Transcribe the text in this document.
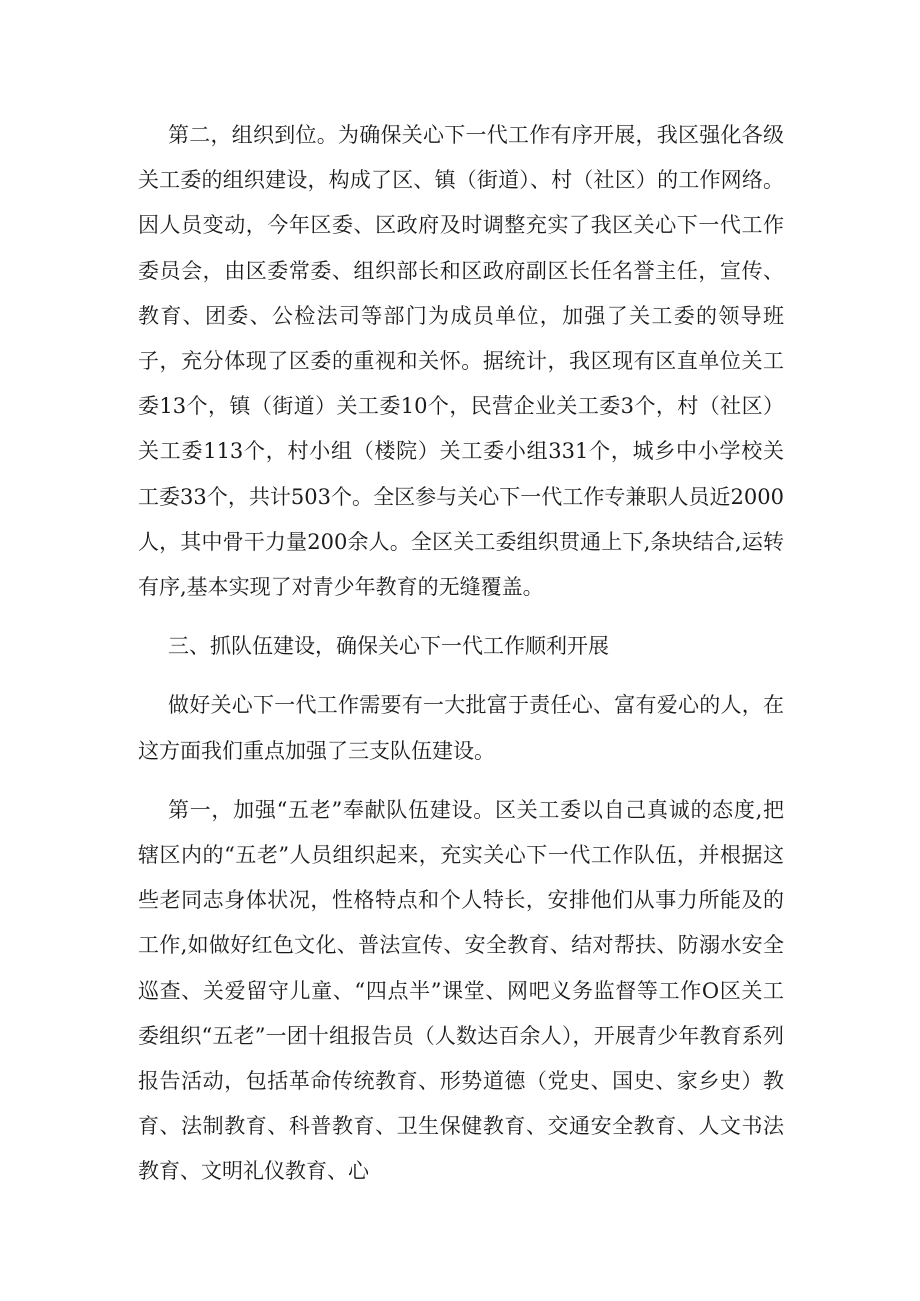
第二，组织到位。为确保关心下一代工作有序开展，我区强化各级关工委的组织建设，构成了区、镇（街道）、村（社区）的工作网络。因人员变动，今年区委、区政府及时调整充实了我区关心下一代工作委员会，由区委常委、组织部长和区政府副区长任名誉主任，宣传、教育、团委、公检法司等部门为成员单位，加强了关工委的领导班子，充分体现了区委的重视和关怀。据统计，我区现有区直单位关工委13个，镇（街道）关工委10个，民营企业关工委3个，村（社区）关工委113个，村小组（楼院）关工委小组331个，城乡中小学校关工委33个，共计503个。全区参与关心下一代工作专兼职人员近2000人，其中骨干力量200余人。全区关工委组织贯通上下,条块结合,运转有序,基本实现了对青少年教育的无缝覆盖。

三、抓队伍建设，确保关心下一代工作顺利开展

做好关心下一代工作需要有一大批富于责任心、富有爱心的人，在这方面我们重点加强了三支队伍建设。

第一，加强“五老”奉献队伍建设。区关工委以自己真诚的态度,把辖区内的“五老”人员组织起来，充实关心下一代工作队伍，并根据这些老同志身体状况，性格特点和个人特长，安排他们从事力所能及的工作,如做好红色文化、普法宣传、安全教育、结对帮扶、防溺水安全巡查、关爱留守儿童、“四点半”课堂、网吧义务监督等工作O区关工委组织“五老”一团十组报告员（人数达百余人），开展青少年教育系列报告活动，包括革命传统教育、形势道德（党史、国史、家乡史）教育、法制教育、科普教育、卫生保健教育、交通安全教育、人文书法教育、文明礼仪教育、心
